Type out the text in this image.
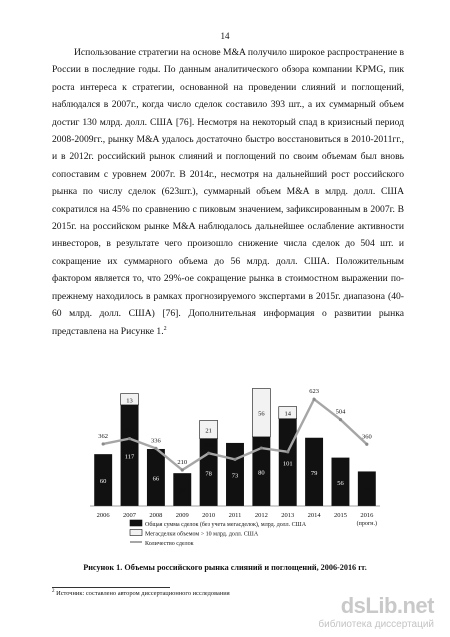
14

Использование стратегии на основе M&A получило широкое распространение в России в последние годы. По данным аналитического обзора компании KPMG, пик роста интереса к стратегии, основанной на проведении слияний и поглощений, наблюдался в 2007г., когда число сделок составило 393 шт., а их суммарный объем достиг 130 млрд. долл. США [76]. Несмотря на некоторый спад в кризисный период 2008-2009гг., рынку M&A удалось достаточно быстро восстановиться в 2010-2011гг., и в 2012г. российский рынок слияний и поглощений по своим объемам был вновь сопоставим с уровнем 2007г. В 2014г., несмотря на дальнейший рост российского рынка по числу сделок (623шт.), суммарный объем M&A в млрд. долл. США сократился на 45% по сравнению с пиковым значением, зафиксированным в 2007г. В 2015г. на российском рынке M&A наблюдалось дальнейшее ослабление активности инвесторов, в результате чего произошло снижение числа сделок до 504 шт. и сокращение их суммарного объема до 56 млрд. долл. США. Положительным фактором является то, что 29%-ое сокращение рынка в стоимостном выражении по-прежнему находилось в рамках прогнозируемого экспертами в 2015г. диапазона (40-60 млрд. долл. США) [76]. Дополнительная информация о развитии рынка представлена на Рисунке 1.$^2$

60
362
2006
117
13
393
2007
66
336
2008
38
210
2009
78
21
308
2010
73
272
2011
80
56
338
2012
101
14
316
2013
79
623
2014
56
504
2015
40
360
2016
(прогн.)
Общая сумма сделок (без учета мегасделок), млрд. долл. США
Мегасделки объемом > 10 млрд. долл. США
Количество сделок
Рисунок 1. Объемы российского рынка слияний и поглощений, 2006-2016 гг.
$^2$ Источник: составлено автором диссертационного исследования	dsLib.net
библиотека диссертаций
